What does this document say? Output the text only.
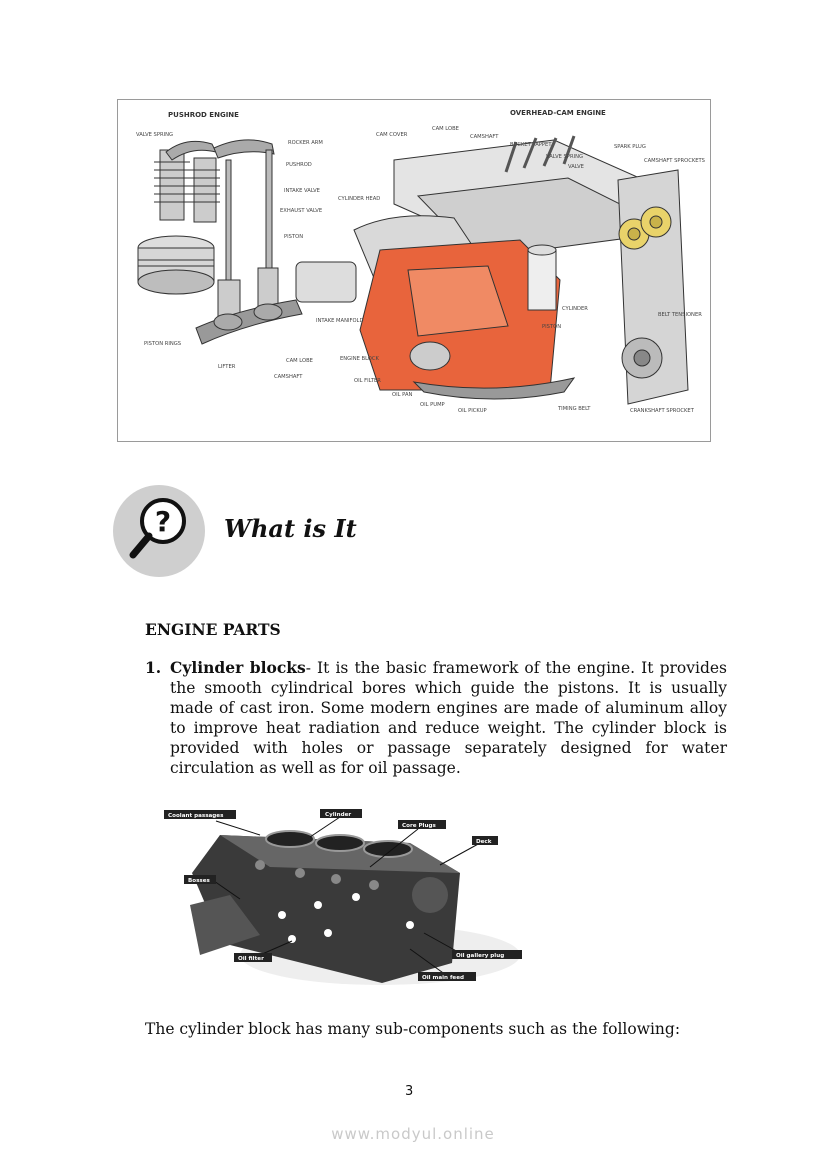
PUSHROD ENGINE	OVERHEAD-CAM ENGINE
VALVE SPRING
ROCKER ARM
PUSHROD
INTAKE VALVE
EXHAUST VALVE
PISTON
PISTON RINGS
LIFTER
CAMSHAFT
CAM LOBE
CAM COVER
CAM LOBE
CAMSHAFT
BUCKET TAPPET
VALVE SPRING
VALVE
SPARK PLUG
CAMSHAFT SPROCKETS
CYLINDER HEAD
INTAKE MANIFOLD
ENGINE BLOCK
OIL FILTER
OIL PAN
OIL PUMP
OIL PICKUP
CYLINDER
PISTON
BELT TENSIONER
TIMING BELT	CRANKSHAFT SPROCKET
? What is It
ENGINE PARTS
1. Cylinder blocks- It is the basic framework of the engine. It provides the smooth cylindrical bores which guide the pistons. It is usually made of cast iron. Some modern engines are made of aluminum alloy to improve heat radiation and reduce weight. The cylinder block is provided with holes or passage separately designed for water circulation as well as for oil passage.
Coolant passages	Cylinder
Core Plugs
Deck
Bosses
Oil filter	Oil gallery plug
Oil main feed
The cylinder block has many sub-components such as the following:
3
www.modyul.online
